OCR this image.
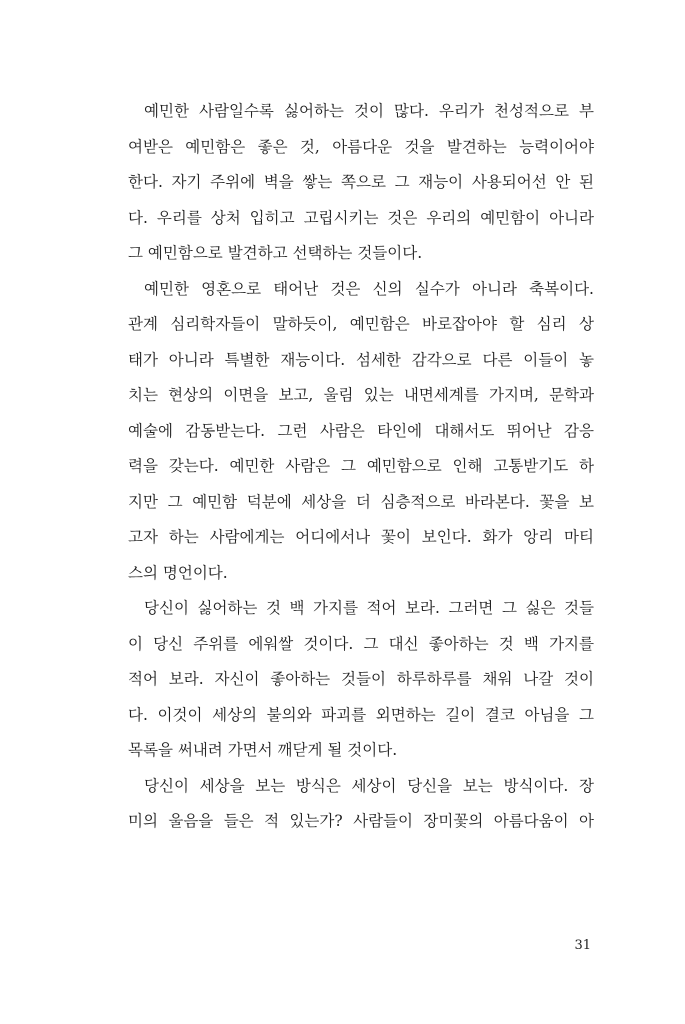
예민한 사람일수록 싫어하는 것이 많다. 우리가 천성적으로 부
여받은 예민함은 좋은 것, 아름다운 것을 발견하는 능력이어야
한다. 자기 주위에 벽을 쌓는 쪽으로 그 재능이 사용되어선 안 된
다. 우리를 상처 입히고 고립시키는 것은 우리의 예민함이 아니라
그 예민함으로 발견하고 선택하는 것들이다.
예민한 영혼으로 태어난 것은 신의 실수가 아니라 축복이다.
관계 심리학자들이 말하듯이, 예민함은 바로잡아야 할 심리 상
태가 아니라 특별한 재능이다. 섬세한 감각으로 다른 이들이 놓
치는 현상의 이면을 보고, 울림 있는 내면세계를 가지며, 문학과
예술에 감동받는다. 그런 사람은 타인에 대해서도 뛰어난 감응
력을 갖는다. 예민한 사람은 그 예민함으로 인해 고통받기도 하
지만 그 예민함 덕분에 세상을 더 심층적으로 바라본다. 꽃을 보
고자 하는 사람에게는 어디에서나 꽃이 보인다. 화가 앙리 마티
스의 명언이다.
당신이 싫어하는 것 백 가지를 적어 보라. 그러면 그 싫은 것들
이 당신 주위를 에워쌀 것이다. 그 대신 좋아하는 것 백 가지를
적어 보라. 자신이 좋아하는 것들이 하루하루를 채워 나갈 것이
다. 이것이 세상의 불의와 파괴를 외면하는 길이 결코 아님을 그
목록을 써내려 가면서 깨닫게 될 것이다.
당신이 세상을 보는 방식은 세상이 당신을 보는 방식이다. 장
미의 울음을 들은 적 있는가? 사람들이 장미꽃의 아름다움이 아
31
